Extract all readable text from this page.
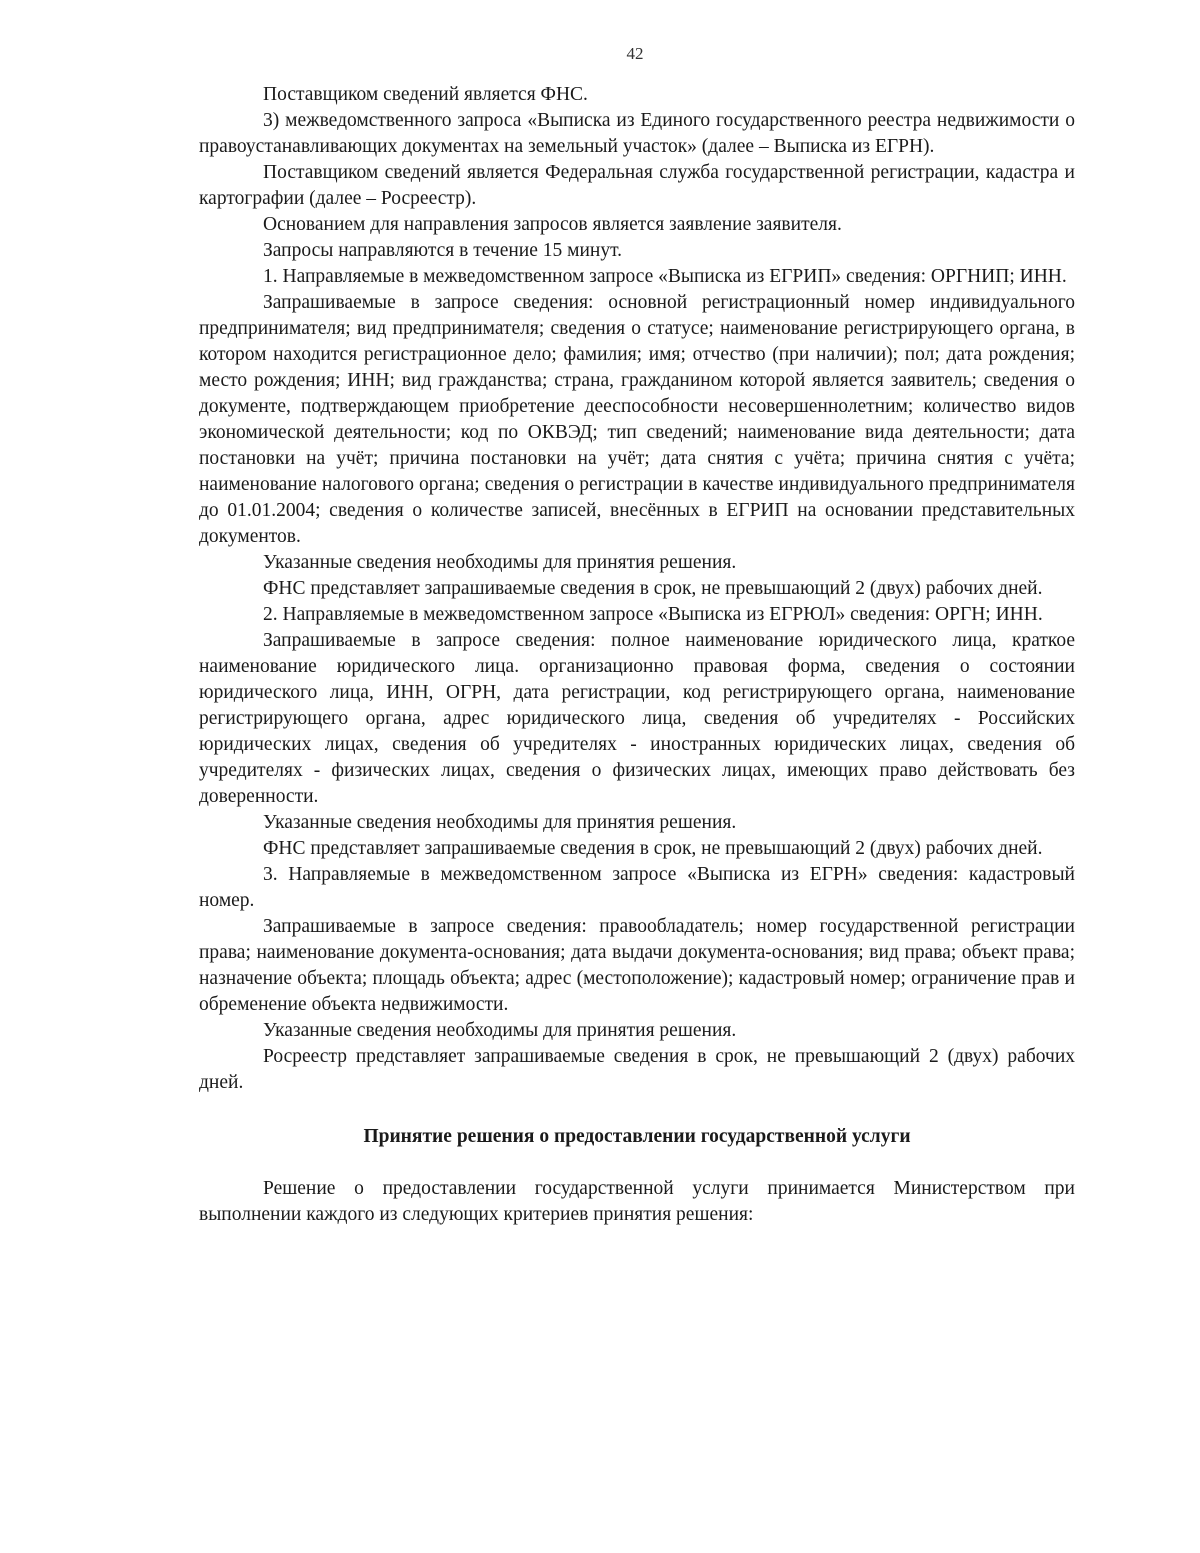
42

Поставщиком сведений является ФНС.

3) межведомственного запроса «Выписка из Единого государственного реестра недвижимости о правоустанавливающих документах на земельный участок» (далее – Выписка из ЕГРН).

Поставщиком сведений является Федеральная служба государственной регистрации, кадастра и картографии (далее – Росреестр).

Основанием для направления запросов является заявление заявителя.

Запросы направляются в течение 15 минут.

1. Направляемые в межведомственном запросе «Выписка из ЕГРИП» сведения: ОРГНИП; ИНН.

Запрашиваемые в запросе сведения: основной регистрационный номер индивидуального предпринимателя; вид предпринимателя; сведения о статусе; наименование регистрирующего органа, в котором находится регистрационное дело; фамилия; имя; отчество (при наличии); пол; дата рождения; место рождения; ИНН; вид гражданства; страна, гражданином которой является заявитель; сведения о документе, подтверждающем приобретение дееспособности несовершеннолетним; количество видов экономической деятельности; код по ОКВЭД; тип сведений; наименование вида деятельности; дата постановки на учёт; причина постановки на учёт; дата снятия с учёта; причина снятия с учёта; наименование налогового органа; сведения о регистрации в качестве индивидуального предпринимателя до 01.01.2004; сведения о количестве записей, внесённых в ЕГРИП на основании представительных документов.

Указанные сведения необходимы для принятия решения.

ФНС представляет запрашиваемые сведения в срок, не превышающий 2 (двух) рабочих дней.

2. Направляемые в межведомственном запросе «Выписка из ЕГРЮЛ» сведения: ОРГН; ИНН.

Запрашиваемые в запросе сведения: полное наименование юридического лица, краткое наименование юридического лица. организационно правовая форма, сведения о состоянии юридического лица, ИНН, ОГРН, дата регистрации, код регистрирующего органа, наименование регистрирующего органа, адрес юридического лица, сведения об учредителях - Российских юридических лицах, сведения об учредителях - иностранных юридических лицах, сведения об учредителях - физических лицах, сведения о физических лицах, имеющих право действовать без доверенности.

Указанные сведения необходимы для принятия решения.

ФНС представляет запрашиваемые сведения в срок, не превышающий 2 (двух) рабочих дней.

3. Направляемые в межведомственном запросе «Выписка из ЕГРН» сведения: кадастровый номер.

Запрашиваемые в запросе сведения: правообладатель; номер государственной регистрации права; наименование документа-основания; дата выдачи документа-основания; вид права; объект права; назначение объекта; площадь объекта; адрес (местоположение); кадастровый номер; ограничение прав и обременение объекта недвижимости.

Указанные сведения необходимы для принятия решения.

Росреестр представляет запрашиваемые сведения в срок, не превышающий 2 (двух) рабочих дней.

Принятие решения о предоставлении государственной услуги

Решение о предоставлении государственной услуги принимается Министерством при выполнении каждого из следующих критериев принятия решения:
